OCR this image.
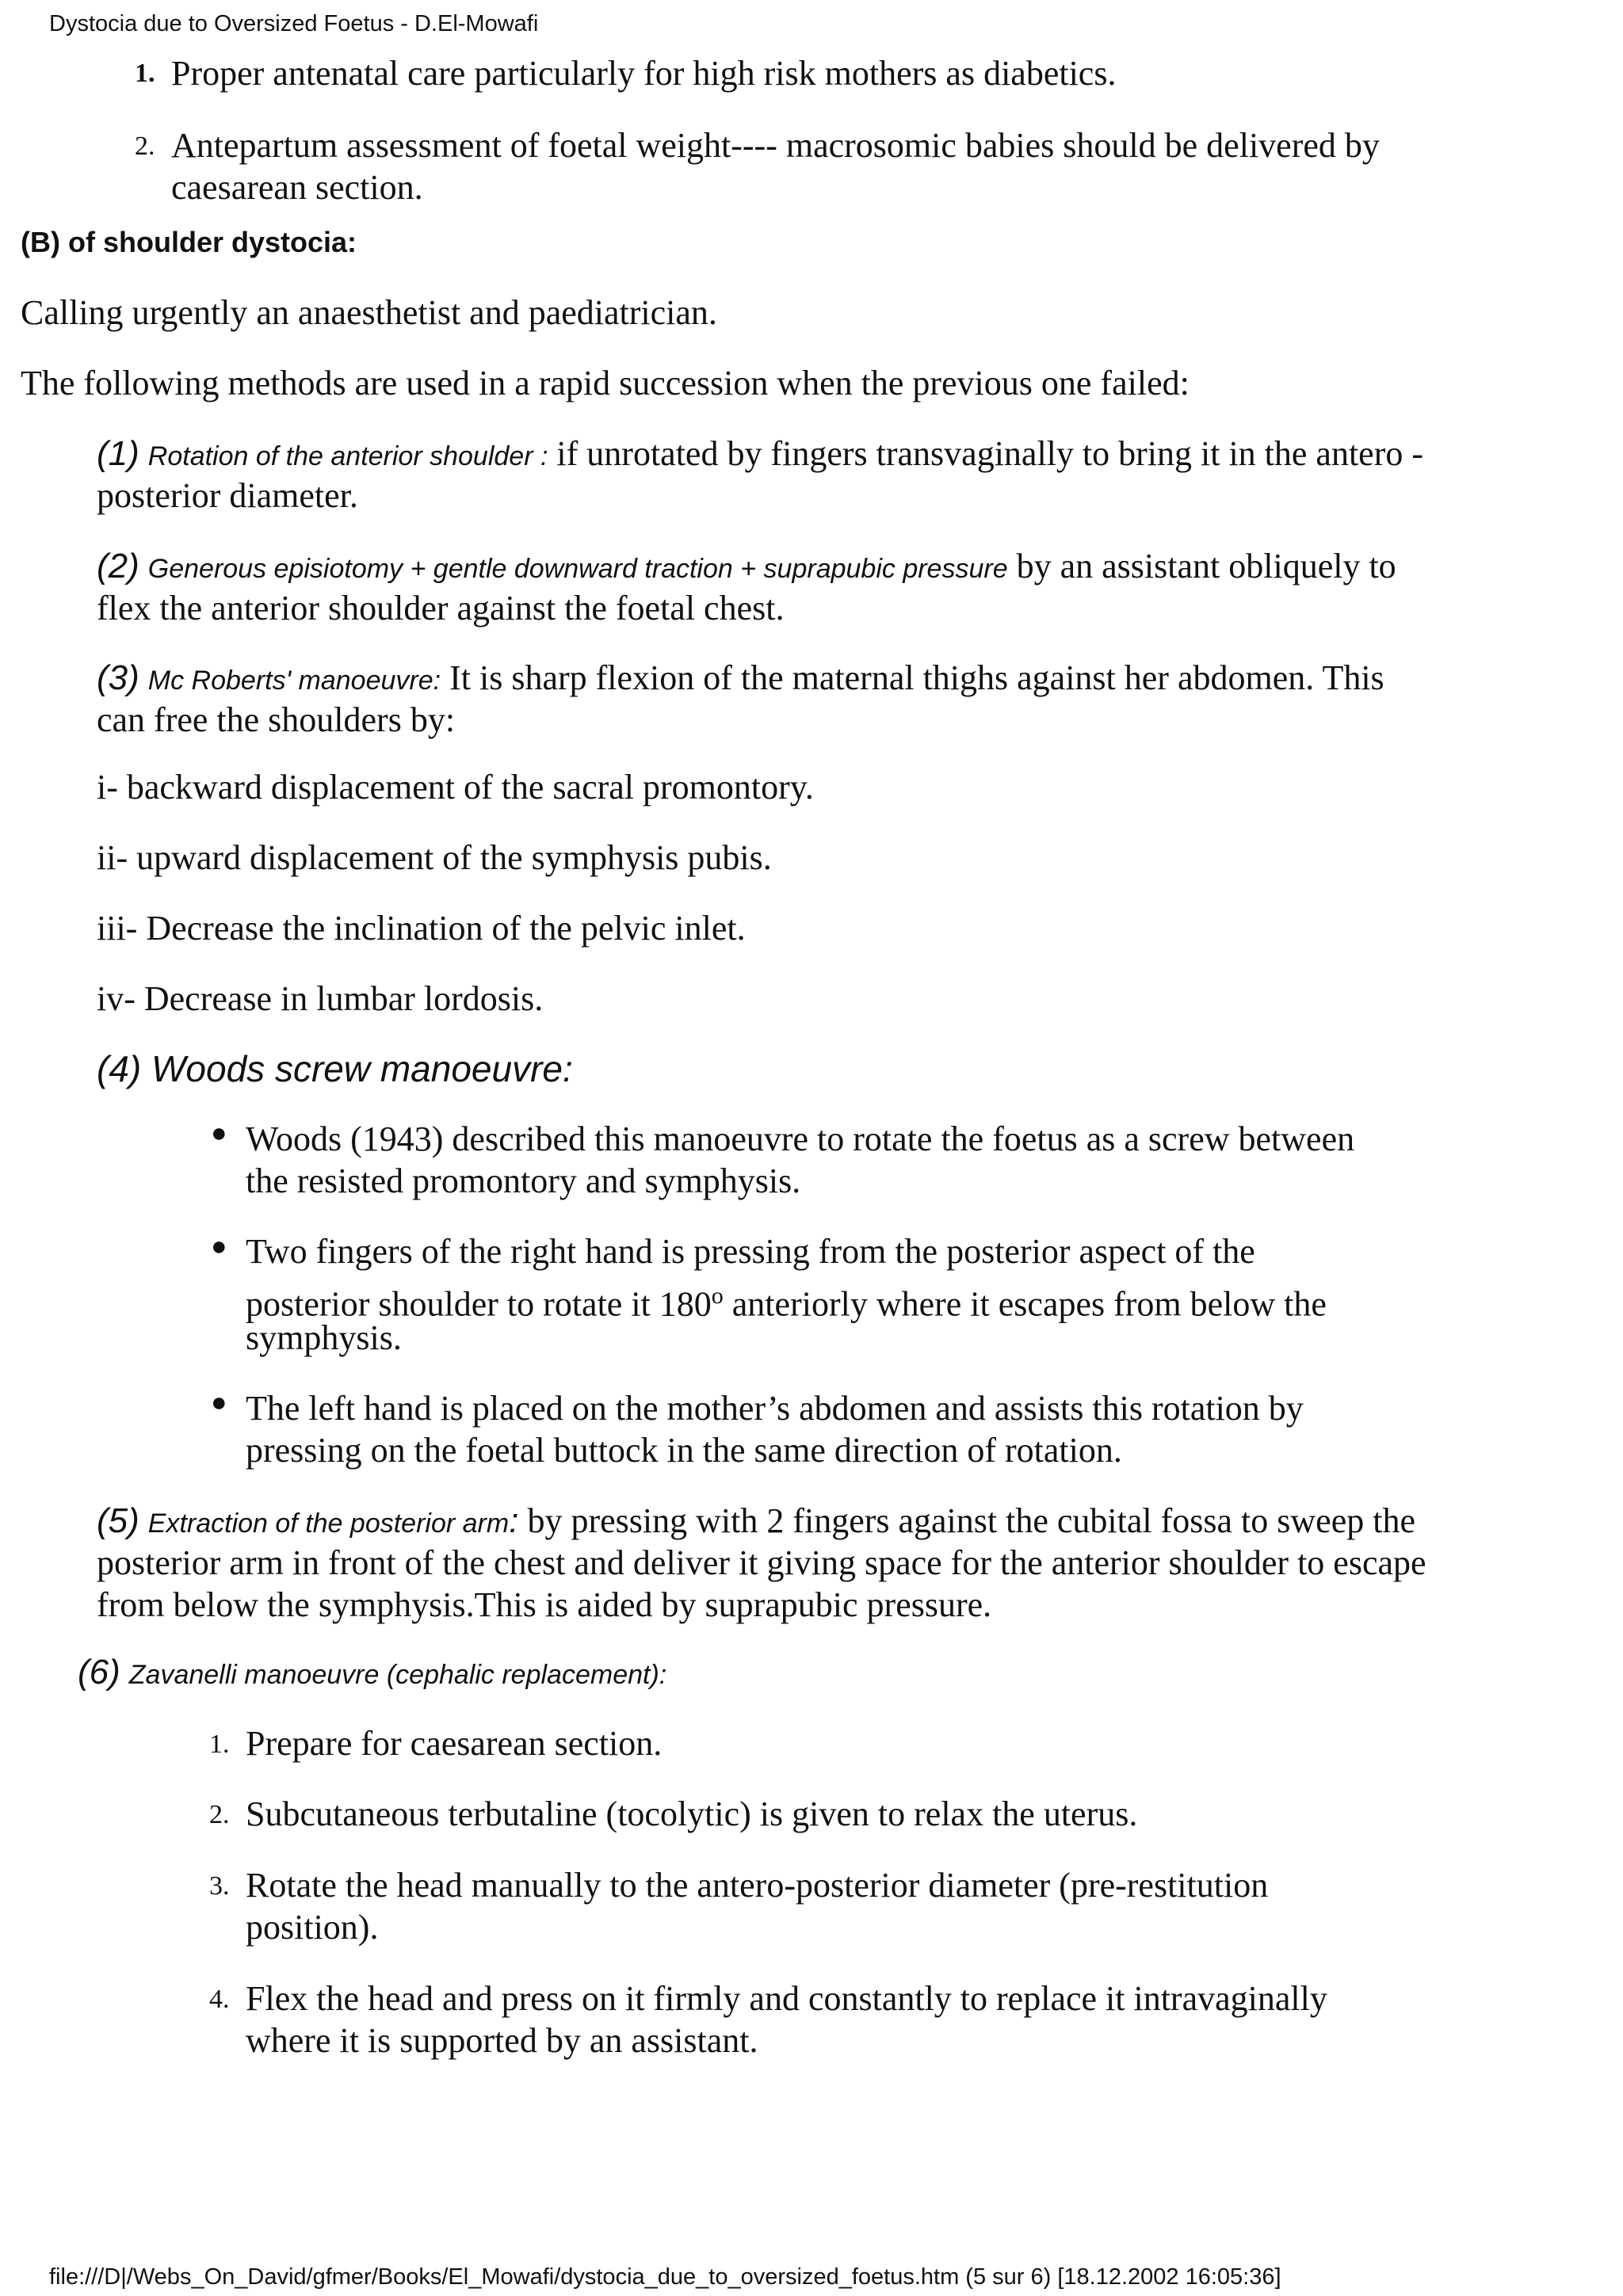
Dystocia due to Oversized Foetus - D.El-Mowafi
1. Proper antenatal care particularly for high risk mothers as diabetics.
2. Antepartum assessment of foetal weight---- macrosomic babies should be delivered by
caesarean section.
(B) of shoulder dystocia:
Calling urgently an anaesthetist and paediatrician.
The following methods are used in a rapid succession when the previous one failed:
(1) Rotation of the anterior shoulder : if unrotated by fingers transvaginally to bring it in the antero -
posterior diameter.
(2) Generous episiotomy + gentle downward traction + suprapubic pressure by an assistant obliquely to
flex the anterior shoulder against the foetal chest.
(3) Mc Roberts' manoeuvre: It is sharp flexion of the maternal thighs against her abdomen. This
can free the shoulders by:
i- backward displacement of the sacral promontory.
ii- upward displacement of the symphysis pubis.
iii- Decrease the inclination of the pelvic inlet.
iv- Decrease in lumbar lordosis.
(4) Woods screw manoeuvre:
● Woods (1943) described this manoeuvre to rotate the foetus as a screw between
the resisted promontory and symphysis.
● Two fingers of the right hand is pressing from the posterior aspect of the
posterior shoulder to rotate it 180$^o$ anteriorly where it escapes from below the
symphysis.
● The left hand is placed on the mother’s abdomen and assists this rotation by
pressing on the foetal buttock in the same direction of rotation.
(5) Extraction of the posterior arm: by pressing with 2 fingers against the cubital fossa to sweep the
posterior arm in front of the chest and deliver it giving space for the anterior shoulder to escape
from below the symphysis.This is aided by suprapubic pressure.
(6) Zavanelli manoeuvre (cephalic replacement):
1. Prepare for caesarean section.
2. Subcutaneous terbutaline (tocolytic) is given to relax the uterus.
3. Rotate the head manually to the antero-posterior diameter (pre-restitution
position).
4. Flex the head and press on it firmly and constantly to replace it intravaginally
where it is supported by an assistant.
file:///D|/Webs_On_David/gfmer/Books/El_Mowafi/dystocia_due_to_oversized_foetus.htm (5 sur 6) [18.12.2002 16:05:36]
